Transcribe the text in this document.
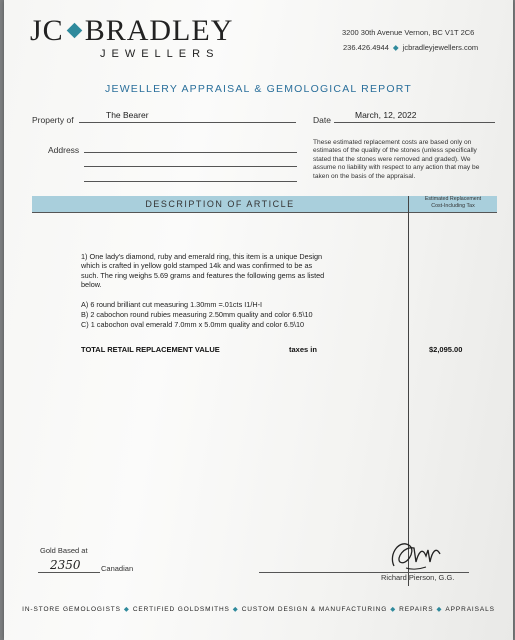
JC BRADLEY
JEWELLERS
3200 30th Avenue Vernon, BC V1T 2C6
236.426.4944 ◆ jcbradleyjewellers.com
JEWELLERY APPRAISAL & GEMOLOGICAL REPORT
Property of	The Bearer	Date	March, 12, 2022
Address
These estimated replacement costs are based only on estimates of the quality of the stones (unless specifically stated that the stones were removed and graded). We assume no liability with respect to any action that may be taken on the basis of the appraisal.
DESCRIPTION OF ARTICLE	Estimated Replacement
Cost-Including Tax
1) One lady's diamond, ruby and emerald ring, this item is a unique Design which is crafted in yellow gold stamped 14k and was confirmed to be as such. The ring weighs 5.69 grams and features the following gems as listed below.
A) 6 round brilliant cut measuring 1.30mm =.01cts I1/H-I
B) 2 cabochon round rubies measuring 2.50mm quality and color 6.5\10
C) 1 cabochon oval emerald 7.0mm x 5.0mm quality and color 6.5\10
TOTAL RETAIL REPLACEMENT VALUE	taxes in	$2,095.00
Gold Based at
2350	Canadian
Richard Pierson, G.G.
IN-STORE GEMOLOGISTS ◆ CERTIFIED GOLDSMITHS ◆ CUSTOM DESIGN & MANUFACTURING ◆ REPAIRS ◆ APPRAISALS
